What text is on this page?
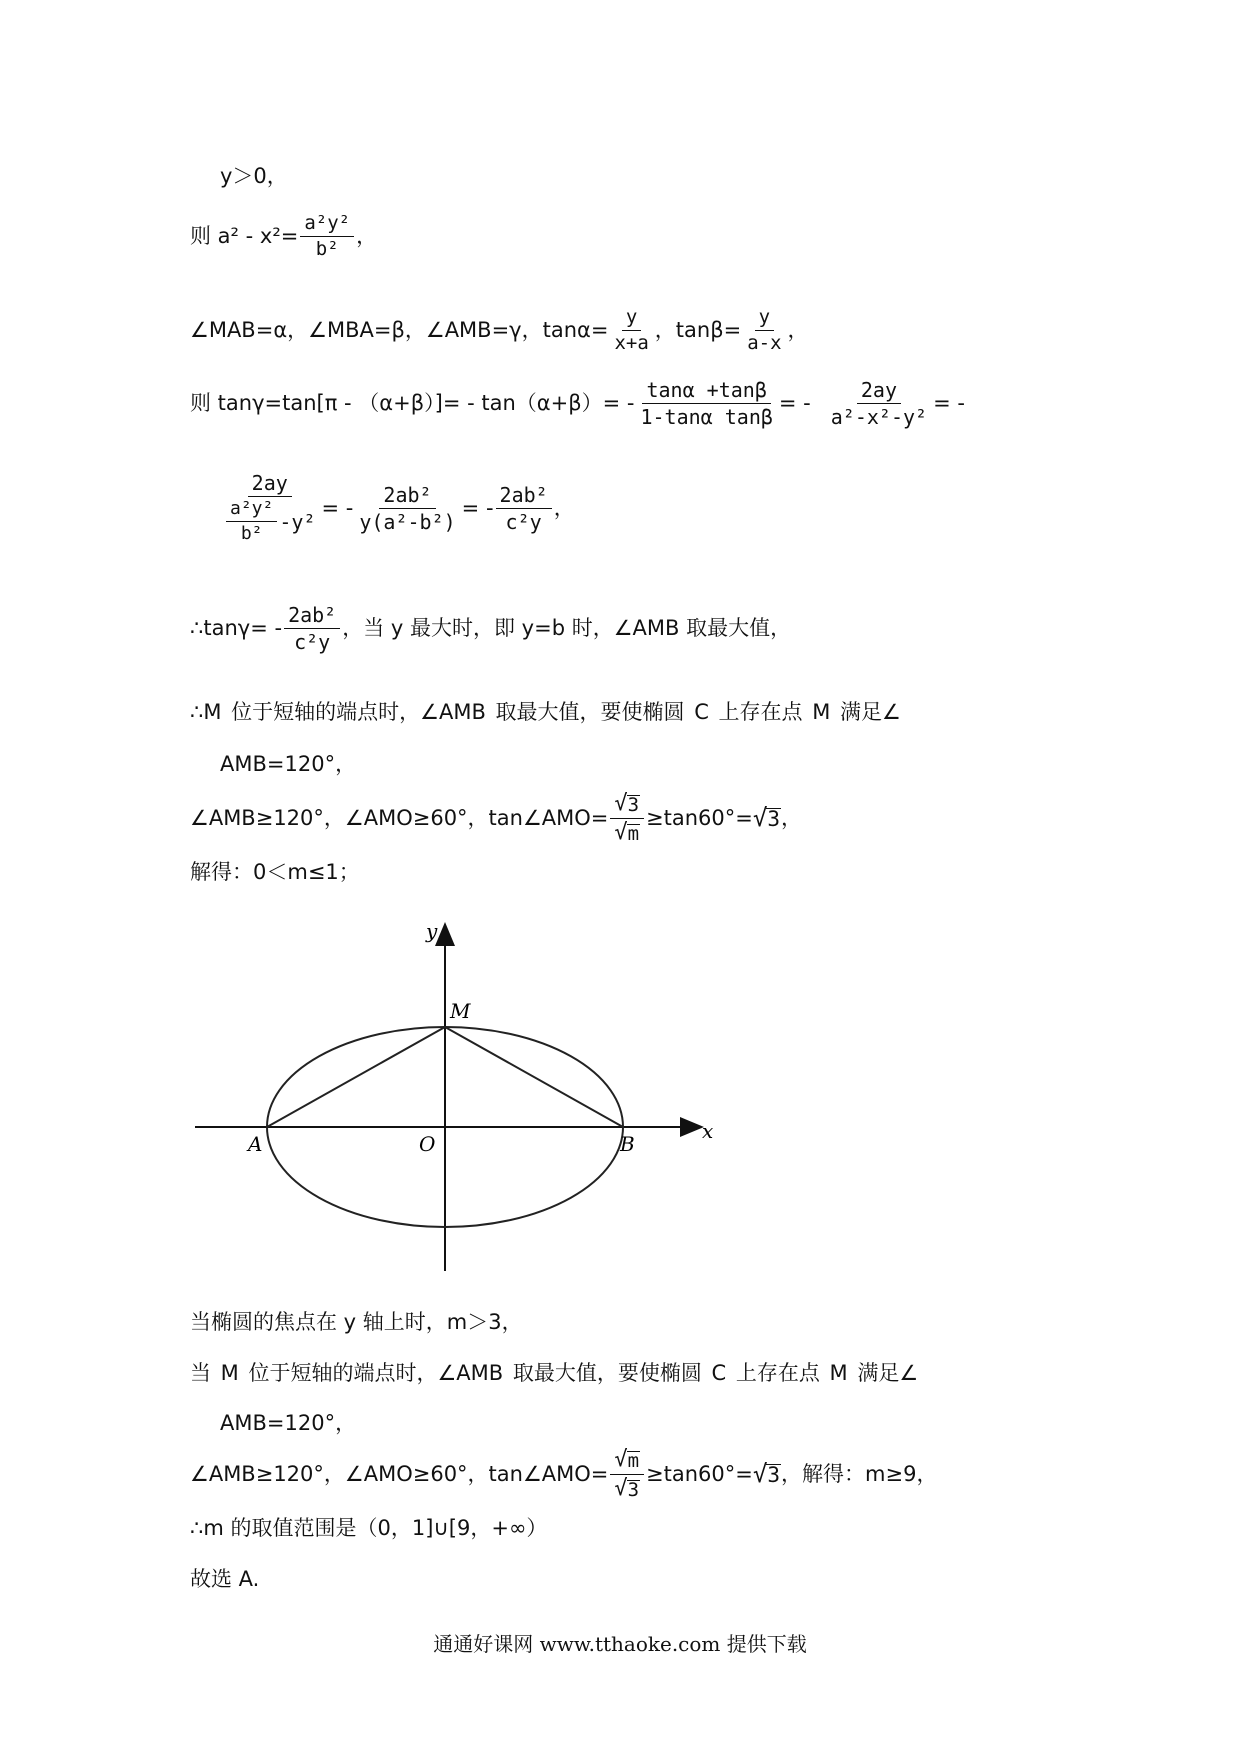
y＞0，
则 $a^2 - x^2= \frac{\text{a²y²}}{\text{b²}}$ ，
∠MAB=α，∠MBA=β，∠AMB=γ，$\tan\alpha= \frac{y}{x+a}$ ，$\tan\beta= \frac{y}{a-x}$ ，
则 $\tan\gamma=\tan[\pi - (\alpha+\beta)]= - \tan(\alpha+\beta)= - \frac{\tan\alpha +\tan\beta}{\text{1-tanα tanβ}}$ = - $\frac{2ay}{\text{a²-x²-y²}}$ = -
$\frac{2ay}{\frac{\text{a²y²}}{\text{b²}} -y^2}$ = - $\frac{\text{2ab²}}{\text{y(a²-b²)}}$ = - $\frac{\text{2ab²}}{\text{c²y}}$ ，
∴tanγ= - $\frac{\text{2ab²}}{\text{c²y}}$ ，当 y 最大时，即 y=b 时，∠AMB 取最大值，
∴M 位于短轴的端点时，∠AMB 取最大值，要使椭圆 C 上存在点 M 满足∠
AMB=120°，
∠AMB≥120°，∠AMO≥60°，tan∠AMO= $\frac{√ 3}{√ m} \ge\tan 60^\circ=$ √ 3 ，
解得：0＜m≤1；
y
x
M
A	O	B
当椭圆的焦点在 y 轴上时，m＞3，
当 M 位于短轴的端点时，∠AMB 取最大值，要使椭圆 C 上存在点 M 满足∠
AMB=120°，
∠AMB≥120°，∠AMO≥60°，tan∠AMO= $\frac{√ m}{√ 3} \ge\tan 60^\circ=$ √ 3 ，解得：m≥9，
∴m 的取值范围是（0，1]∪[9，+∞）
故选 A.
通通好课网 www.tthaoke.com 提供下载
